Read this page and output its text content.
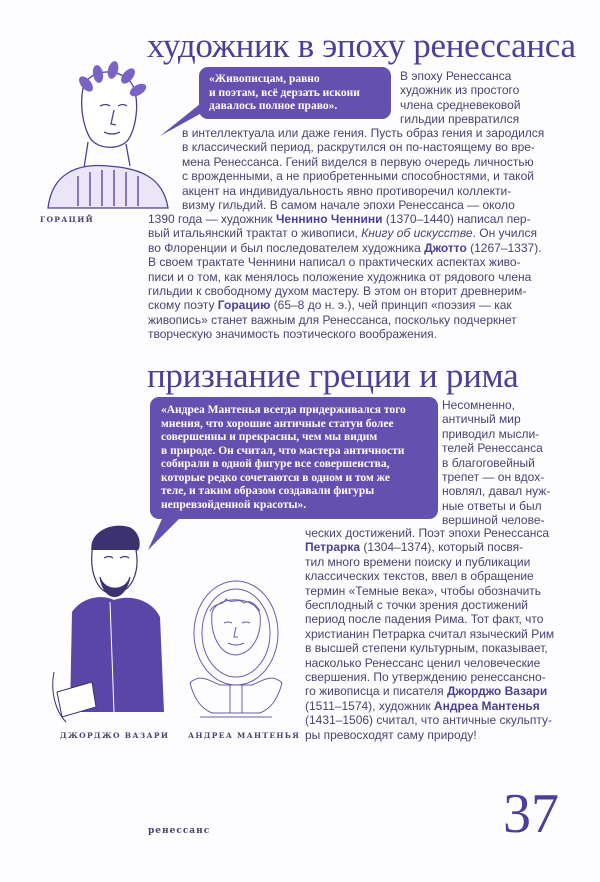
художник в эпоху ренессанса
ГОРАЦИЙ
«Живописцам, равно
и поэтам, всё дерзать искони
давалось полное право».
В эпоху Ренессанса
художник из простого
члена средневековой
гильдии превратился
в интеллектуала или даже гения. Пусть образ гения и зародился
в классический период, раскрутился он по-настоящему во вре-
мена Ренессанса. Гений виделся в первую очередь личностью
с врожденными, а не приобретенными способностями, и такой
акцент на индивидуальность явно противоречил коллекти-
визму гильдий. В самом начале эпохи Ренессанса — около
1390 года — художник Ченнино Ченнини (1370–1440) написал пер-
вый итальянский трактат о живописи, Книгу об искусстве. Он учился
во Флоренции и был последователем художника Джотто (1267–1337).
В своем трактате Ченнини написал о практических аспектах живо-
писи и о том, как менялось положение художника от рядового члена
гильдии к свободному духом мастеру. В этом он вторит древнерим-
скому поэту Горацию (65–8 до н. э.), чей принцип «поэзия — как
живопись» станет важным для Ренессанса, поскольку подчеркнет
творческую значимость поэтического воображения.
признание греции и рима
«Андреа Мантенья всегда придерживался того
мнения, что хорошие античные статуи более
совершенны и прекрасны, чем мы видим
в природе. Он считал, что мастера античности
собирали в одной фигуре все совершенства,
которые редко сочетаются в одном и том же
теле, и таким образом создавали фигуры
непревзойденной красоты».
Несомненно,
античный мир
приводил мысли-
телей Ренессанса
в благоговейный
трепет — он вдох-
новлял, давал нуж-
ные ответы и был
вершиной челове-
ческих достижений. Поэт эпохи Ренессанса
Петрарка (1304–1374), который посвя-
тил много времени поиску и публикации
классических текстов, ввел в обращение
термин «Темные века», чтобы обозначить
бесплодный с точки зрения достижений
период после падения Рима. Тот факт, что
христианин Петрарка считал языческий Рим
в высшей степени культурным, показывает,
насколько Ренессанс ценил человеческие
свершения. По утверждению ренессансно-
го живописца и писателя Джорджо Вазари
(1511–1574), художник Андреа Мантенья
(1431–1506) считал, что античные скульпту-
ры превосходят саму природу!
ДЖОРДЖО ВАЗАРИ	АНДРЕА МАНТЕНЬЯ
ренессанс	37
